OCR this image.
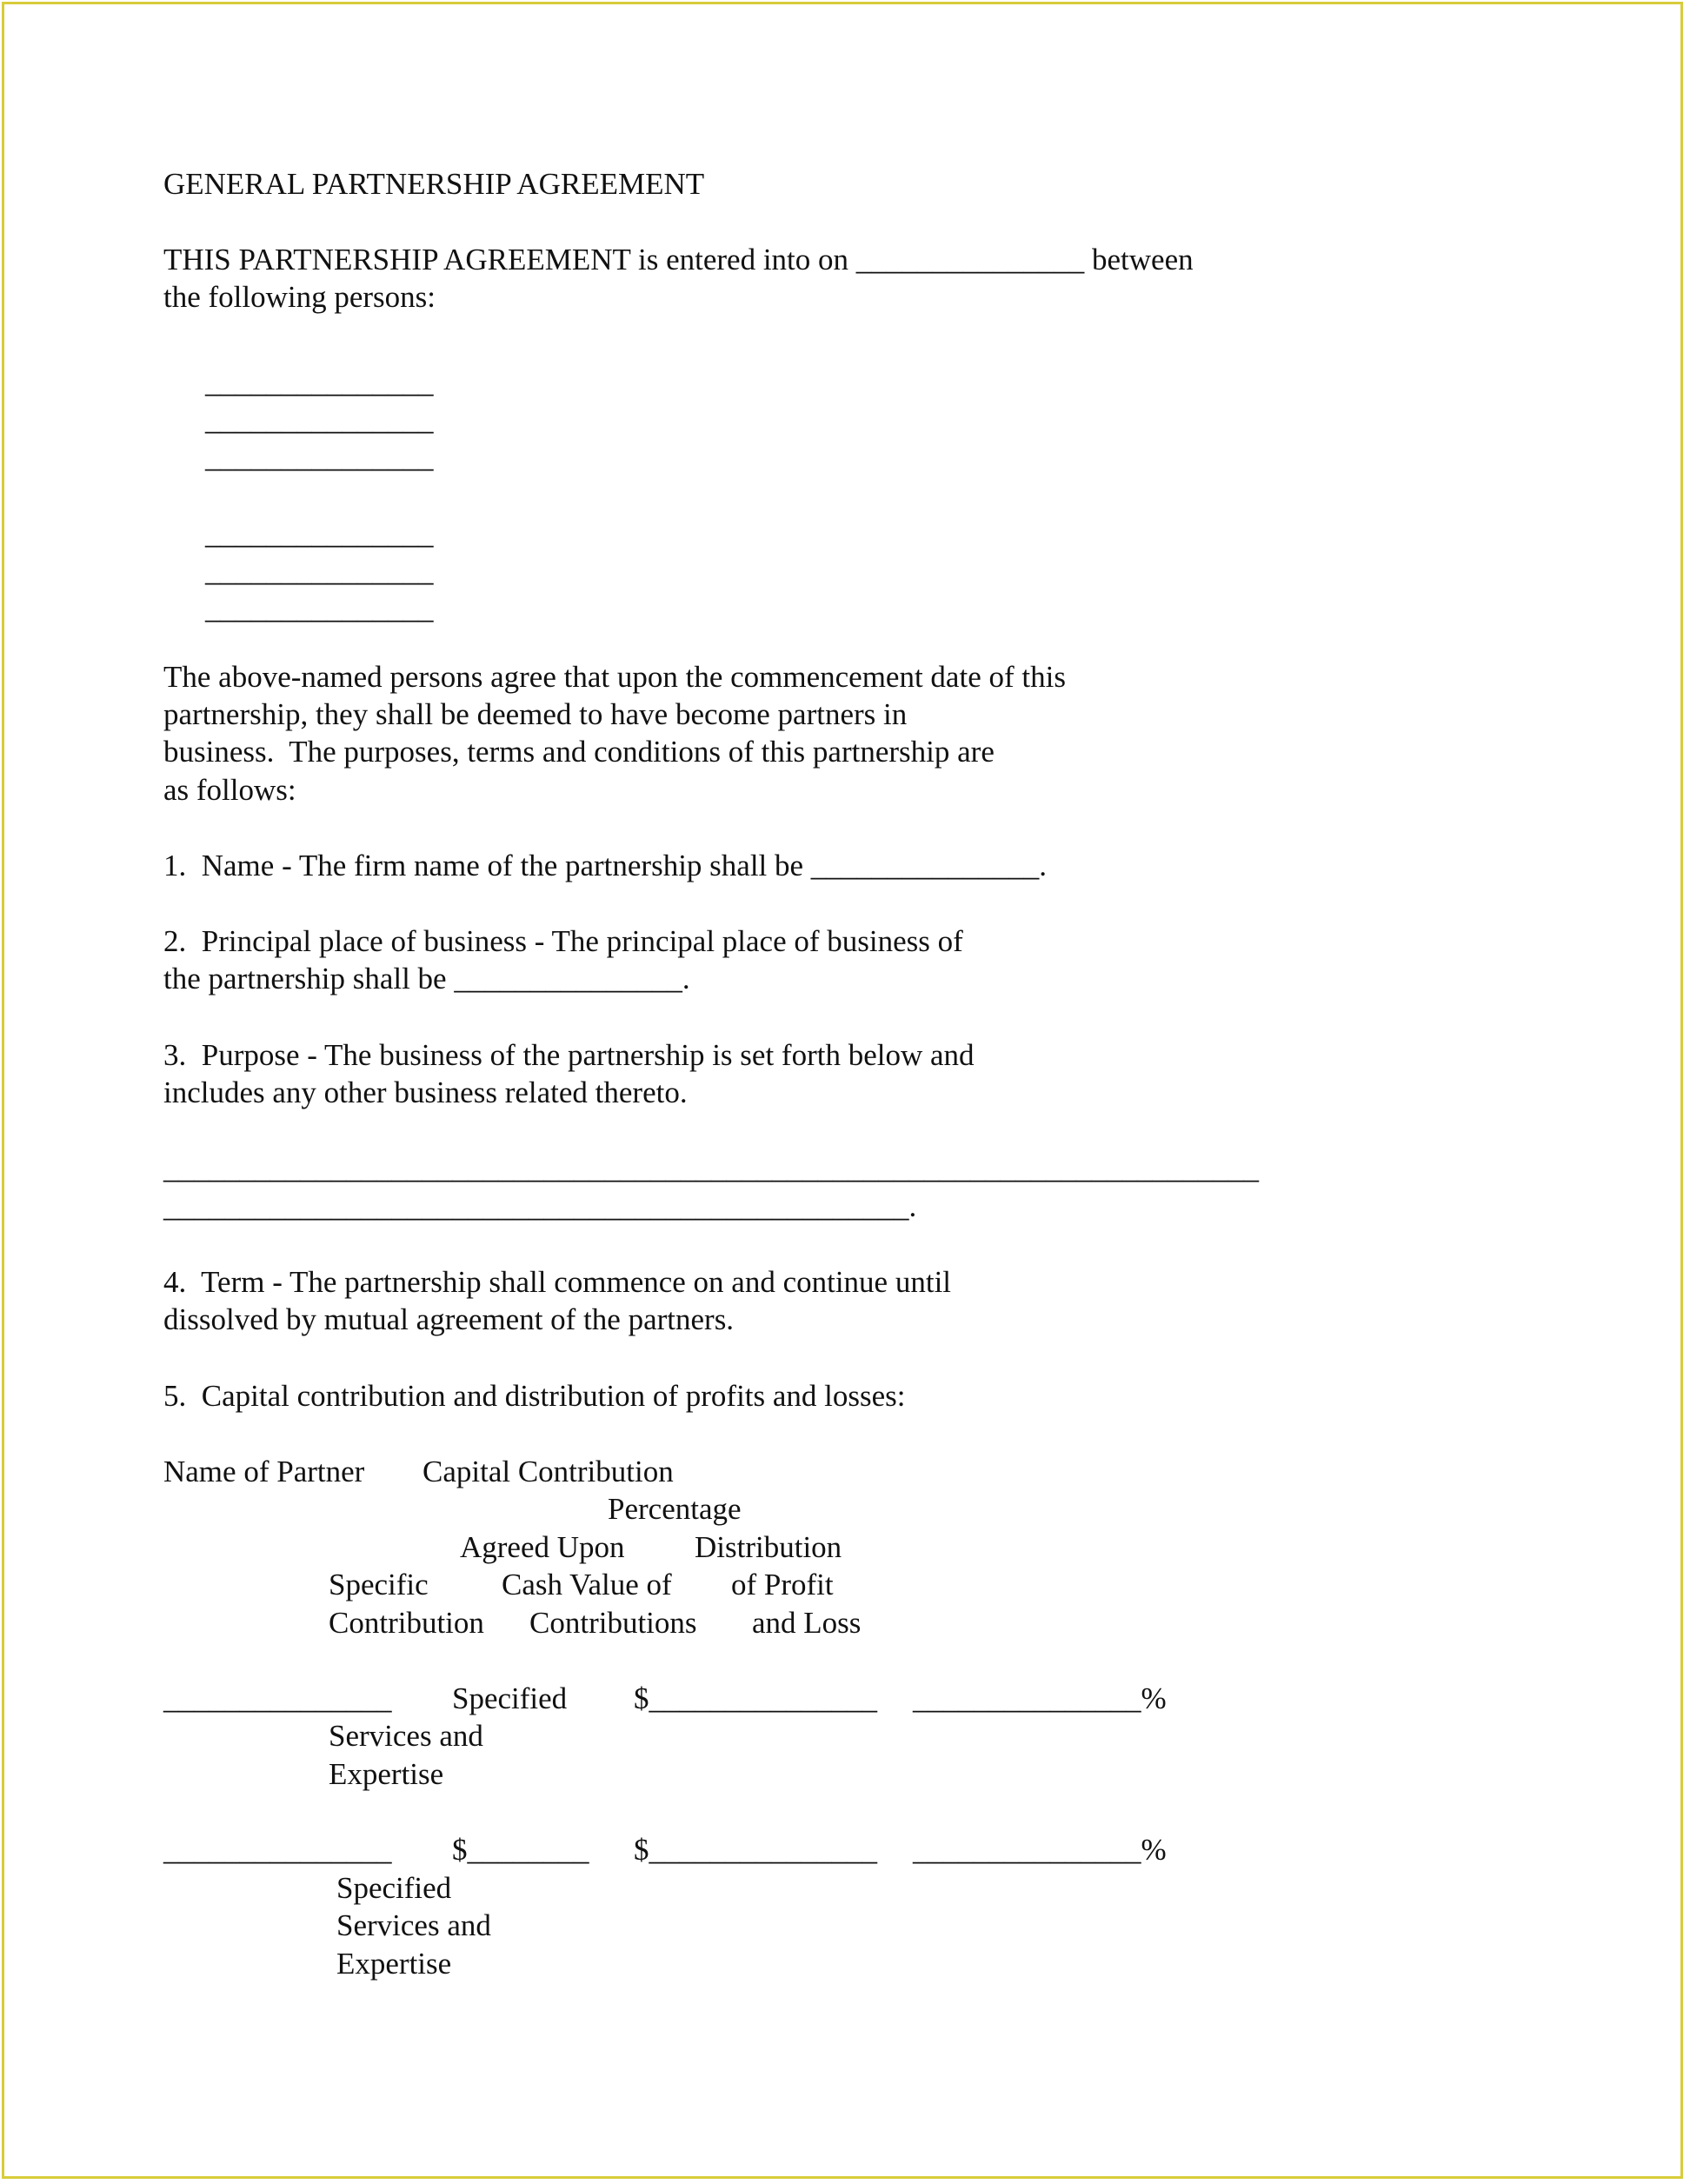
GENERAL PARTNERSHIP AGREEMENT
THIS PARTNERSHIP AGREEMENT is entered into on _______________ between
the following persons:
_______________
_______________
_______________
_______________
_______________
_______________
The above-named persons agree that upon the commencement date of this
partnership, they shall be deemed to have become partners in
business.  The purposes, terms and conditions of this partnership are
as follows:
1.  Name - The firm name of the partnership shall be _______________.
2.  Principal place of business - The principal place of business of
the partnership shall be _______________.
3.  Purpose - The business of the partnership is set forth below and
includes any other business related thereto.
________________________________________________________________________
_________________________________________________.
4.  Term - The partnership shall commence on and continue until
dissolved by mutual agreement of the partners.
5.  Capital contribution and distribution of profits and losses:
Name of Partner Capital Contribution
Percentage
Agreed Upon Distribution
Specific Cash Value of of Profit
Contribution Contributions and Loss
_______________ Specified $_______________ _______________%
Services and
Expertise
_______________ $________ $_______________ _______________%
Specified
Services and
Expertise
